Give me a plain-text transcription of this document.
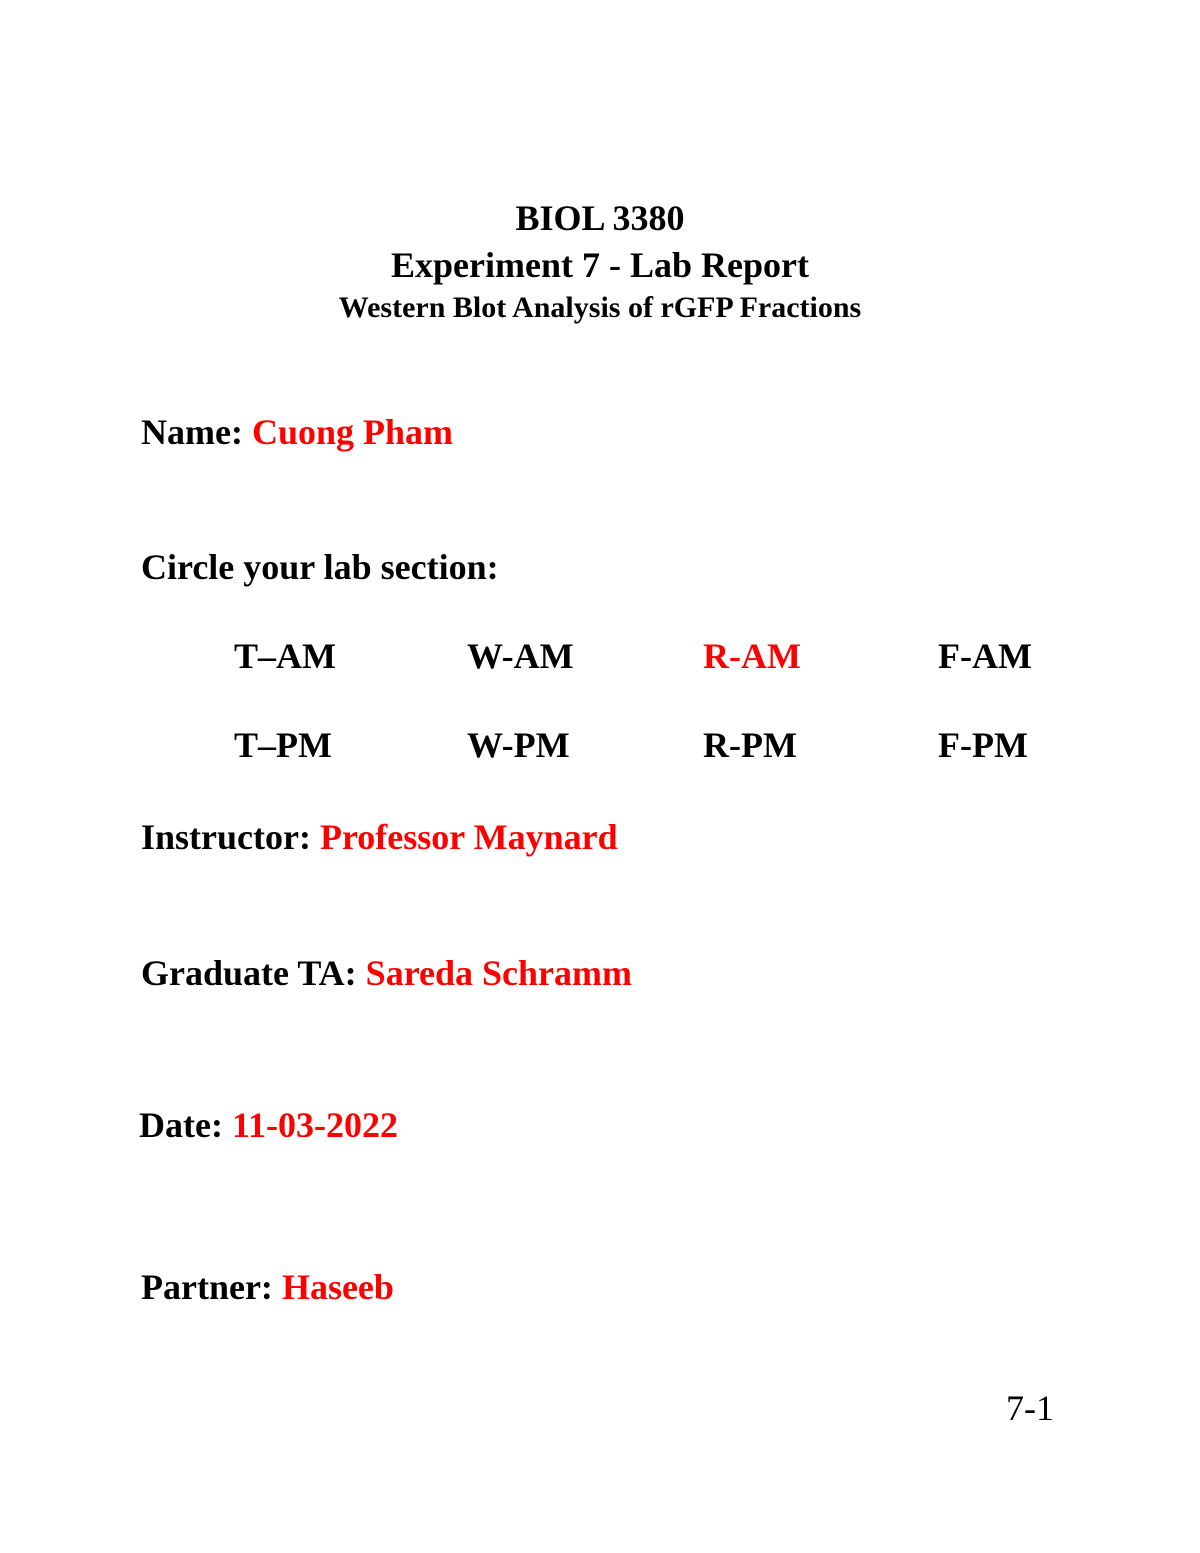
BIOL 3380
Experiment 7 - Lab Report
Western Blot Analysis of rGFP Fractions
Name: Cuong Pham
Circle your lab section:
T–AM	W-AM	R-AM	F-AM
T–PM	W-PM	R-PM	F-PM
Instructor: Professor Maynard
Graduate TA: Sareda Schramm
Date: 11-03-2022
Partner: Haseeb
7-1
